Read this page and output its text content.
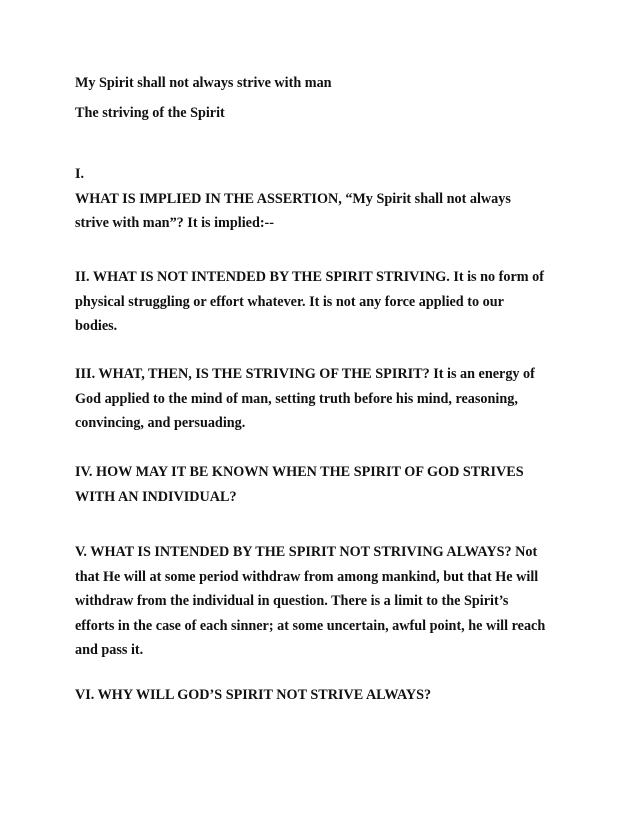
My Spirit shall not always strive with man
The striving of the Spirit
I.
WHAT IS IMPLIED IN THE ASSERTION, “My Spirit shall not always
strive with man”? It is implied:--
II. WHAT IS NOT INTENDED BY THE SPIRIT STRIVING. It is no form of
physical struggling or effort whatever. It is not any force applied to our
bodies.
III. WHAT, THEN, IS THE STRIVING OF THE SPIRIT? It is an energy of
God applied to the mind of man, setting truth before his mind, reasoning,
convincing, and persuading.
IV. HOW MAY IT BE KNOWN WHEN THE SPIRIT OF GOD STRIVES
WITH AN INDIVIDUAL?
V. WHAT IS INTENDED BY THE SPIRIT NOT STRIVING ALWAYS? Not
that He will at some period withdraw from among mankind, but that He will
withdraw from the individual in question. There is a limit to the Spirit’s
efforts in the case of each sinner; at some uncertain, awful point, he will reach
and pass it.
VI. WHY WILL GOD’S SPIRIT NOT STRIVE ALWAYS?
